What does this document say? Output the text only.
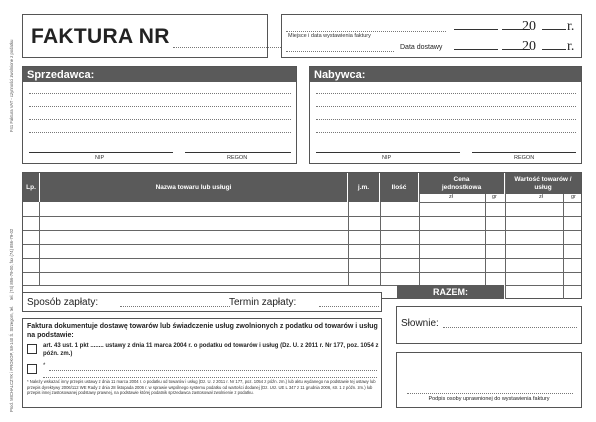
F41 Faktura VAT - czynności zwolnione z podatku
tel. (74) 856-79-00, fax (74) 856-79-02
Prod. MICHALCZYK i PROKOP, 58-140 Ś. Strzegom, tel.
FAKTURA NR	Miejsce i data wystawienia faktury
20 r.
Data dostawy	20 r.
Sprzedawca:
NIP	REGON
Nabywca:
NIP	REGON
Lp.	Nazwa towaru lub usługi	j.m.	Ilość
Cena jednostkowa
Wartość towarów / usług
zł	gr	zł	gr
RAZEM:
Sposób zapłaty:	Termin zapłaty:
Faktura dokumentuje dostawę towarów lub świadczenie usług zwolnionych z podatku od towarów i usług na podstawie:
art. 43 ust. 1 pkt ........ ustawy z dnia 11 marca 2004 r. o podatku od towarów i usług (Dz. U. z 2011 r. Nr 177, poz. 1054 z późn. zm.)
*
* Należy wskazać inny przepis ustawy z dnia 11 marca 2004 r. o podatku od towarów i usług (Dz. U. z 2011 r. Nr 177, poz. 1054 z późn. zm.) lub aktu wydanego na podstawie tej ustawy lub przepis dyrektywy 2006/112 WE Rady z dnia 28 listopada 2006 r. w sprawie wspólnego systemu podatku od wartości dodanej (Dz. Urz. UE L 347 z 11 grudnia 2006, str. 1 z późn. zm.) lub przepis innej zastosowanej podstawy prawnej, na podstawie której podatnik sprzedawca zastosował zwolnienie z podatku.
Słownie:
Podpis osoby uprawnionej do wystawienia faktury
